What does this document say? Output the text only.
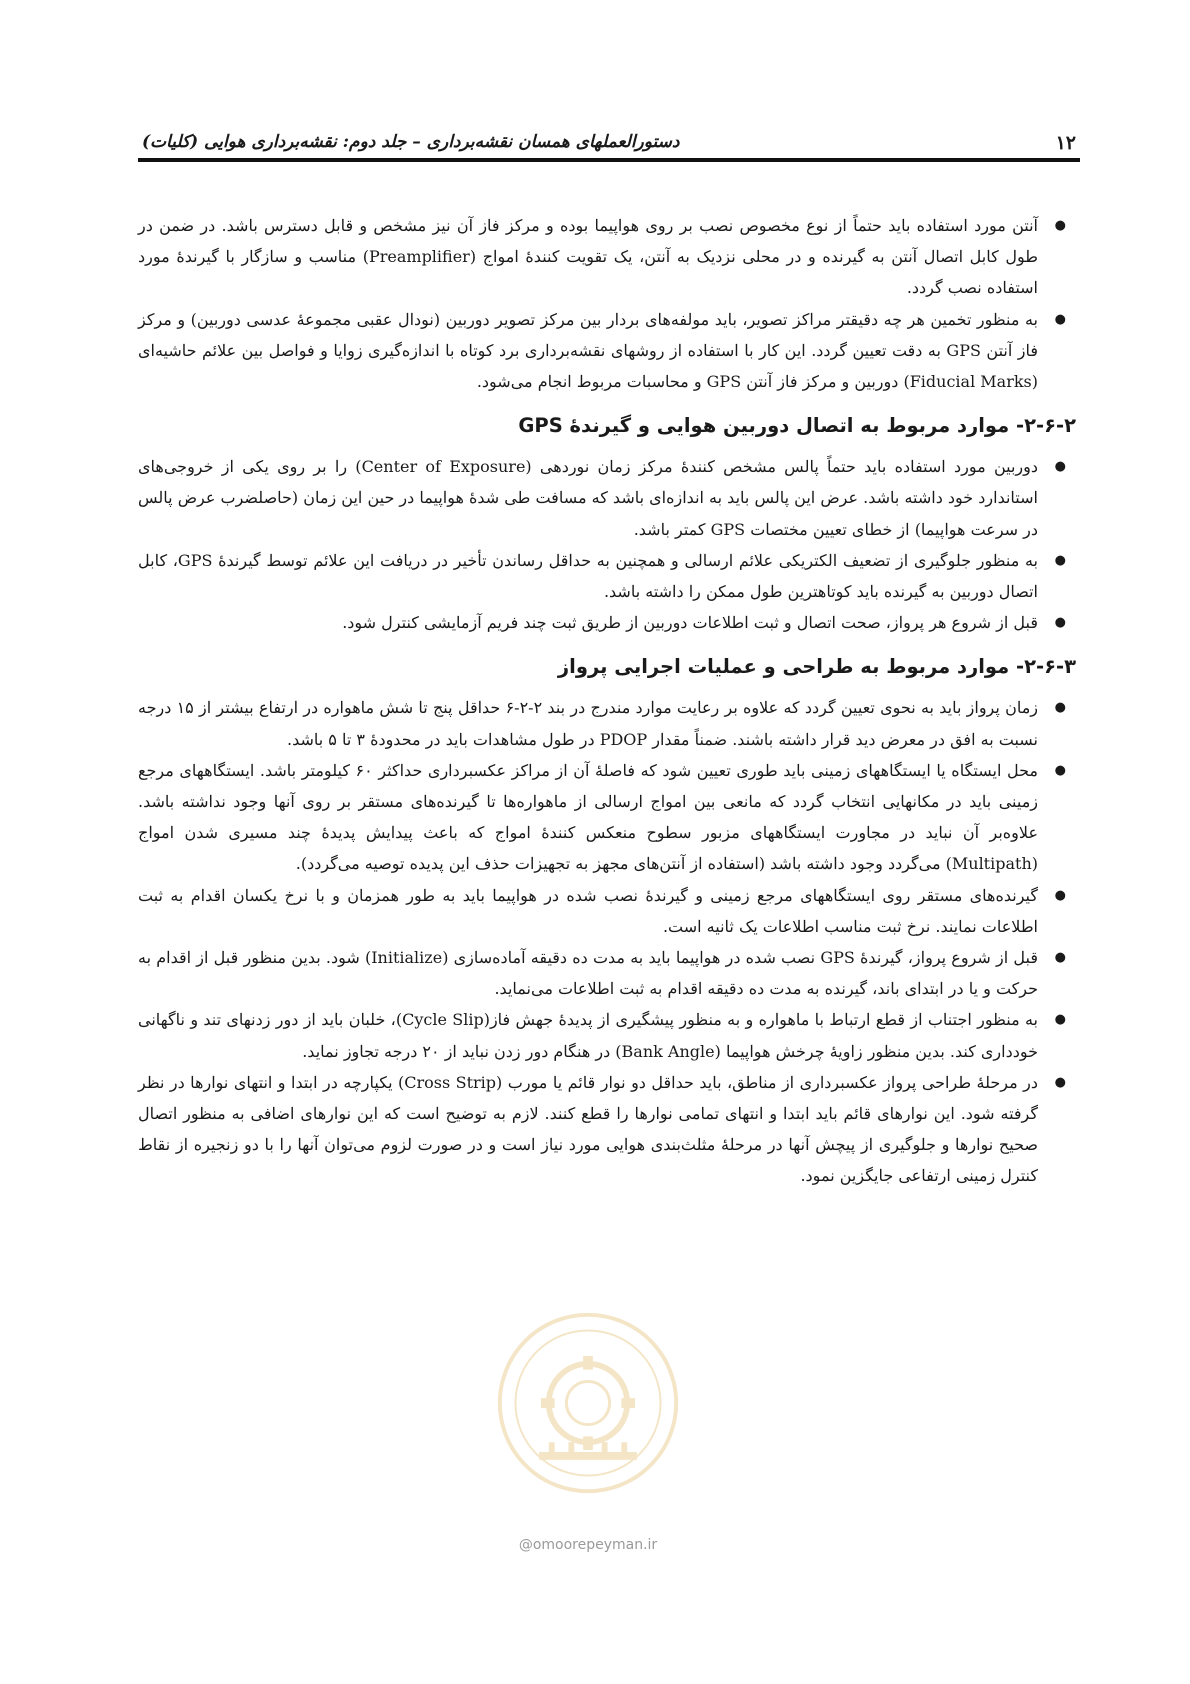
۱۲
دستورالعملهای همسان نقشه‌برداری – جلد دوم: نقشه‌برداری هوایی (کلیات)
●
آنتن مورد استفاده باید حتماً از نوع مخصوص نصب بر روی هواپیما بوده و مرکز فاز آن نیز مشخص و قابل دسترس باشد. در ضمن در طول کابل اتصال آنتن به گیرنده و در محلی نزدیک به آنتن، یک تقویت کنندهٔ امواج (Preamplifier) مناسب و سازگار با گیرندهٔ مورد استفاده نصب گردد.
●
به منظور تخمین هر چه دقیقتر مراکز تصویر، باید مولفه‌های بردار بین مرکز تصویر دوربین (نودال عقبی مجموعهٔ عدسی دوربین) و مرکز فاز آنتن GPS به دقت تعیین گردد. این کار با استفاده از روشهای نقشه‌برداری برد کوتاه با اندازه‌گیری زوایا و فواصل بین علائم حاشیه‌ای (Fiducial Marks) دوربین و مرکز فاز آنتن GPS و محاسبات مربوط انجام می‌شود.
۲-۶-۲- موارد مربوط به اتصال دوربین هوایی و گیرندهٔ GPS
●
دوربین مورد استفاده باید حتماً پالس مشخص کنندهٔ مرکز زمان نوردهی (Center of Exposure) را بر روی یکی از خروجی‌های استاندارد خود داشته باشد. عرض این پالس باید به اندازه‌ای باشد که مسافت طی شدهٔ هواپیما در حین این زمان (حاصلضرب عرض پالس در سرعت هواپیما) از خطای تعیین مختصات GPS کمتر باشد.
●
به منظور جلوگیری از تضعیف الکتریکی علائم ارسالی و همچنین به حداقل رساندن تأخیر در دریافت این علائم توسط گیرندهٔ GPS، کابل اتصال دوربین به گیرنده باید کوتاهترین طول ممکن را داشته باشد.
●
قبل از شروع هر پرواز، صحت اتصال و ثبت اطلاعات دوربین از طریق ثبت چند فریم آزمایشی کنترل شود.
۲-۶-۳- موارد مربوط به طراحی و عملیات اجرایی پرواز
●
زمان پرواز باید به نحوی تعیین گردد که علاوه بر رعایت موارد مندرج در بند ۲-۲-۶ حداقل پنج تا شش ماهواره در ارتفاع بیشتر از ۱۵ درجه نسبت به افق در معرض دید قرار داشته باشند. ضمناً مقدار PDOP در طول مشاهدات باید در محدودهٔ ۳ تا ۵ باشد.
●
محل ایستگاه یا ایستگاههای زمینی باید طوری تعیین شود که فاصلهٔ آن از مراکز عکسبرداری حداکثر ۶۰ کیلومتر باشد. ایستگاههای مرجع زمینی باید در مکانهایی انتخاب گردد که مانعی بین امواج ارسالی از ماهواره‌ها تا گیرنده‌های مستقر بر روی آنها وجود نداشته باشد. علاوه‌بر آن نباید در مجاورت ایستگاههای مزبور سطوح منعکس کنندهٔ امواج که باعث پیدایش پدیدهٔ چند مسیری شدن امواج (Multipath) می‌گردد وجود داشته باشد (استفاده از آنتن‌های مجهز به تجهیزات حذف این پدیده توصیه می‌گردد).
●
گیرنده‌های مستقر روی ایستگاههای مرجع زمینی و گیرندهٔ نصب شده در هواپیما باید به طور همزمان و با نرخ یکسان اقدام به ثبت اطلاعات نمایند. نرخ ثبت مناسب اطلاعات یک ثانیه است.
●
قبل از شروع پرواز، گیرندهٔ GPS نصب شده در هواپیما باید به مدت ده دقیقه آماده‌سازی (Initialize) شود. بدین منظور قبل از اقدام به حرکت و یا در ابتدای باند، گیرنده به مدت ده دقیقه اقدام به ثبت اطلاعات می‌نماید.
●
به منظور اجتناب از قطع ارتباط با ماهواره و به منظور پیشگیری از پدیدهٔ جهش فاز(Cycle Slip)، خلبان باید از دور زدنهای تند و ناگهانی خودداری کند. بدین منظور زاویهٔ چرخش هواپیما (Bank Angle) در هنگام دور زدن نباید از ۲۰ درجه تجاوز نماید.
●
در مرحلهٔ طراحی پرواز عکسبرداری از مناطق، باید حداقل دو نوار قائم یا مورب (Cross Strip) یکپارچه در ابتدا و انتهای نوارها در نظر گرفته شود. این نوارهای قائم باید ابتدا و انتهای تمامی نوارها را قطع کنند. لازم به توضیح است که این نوارهای اضافی به منظور اتصال صحیح نوارها و جلوگیری از پیچش آنها در مرحلهٔ مثلث‌بندی هوایی مورد نیاز است و در صورت لزوم می‌توان آنها را با دو زنجیره از نقاط کنترل زمینی ارتفاعی جایگزین نمود.
@omoorepeyman.ir
